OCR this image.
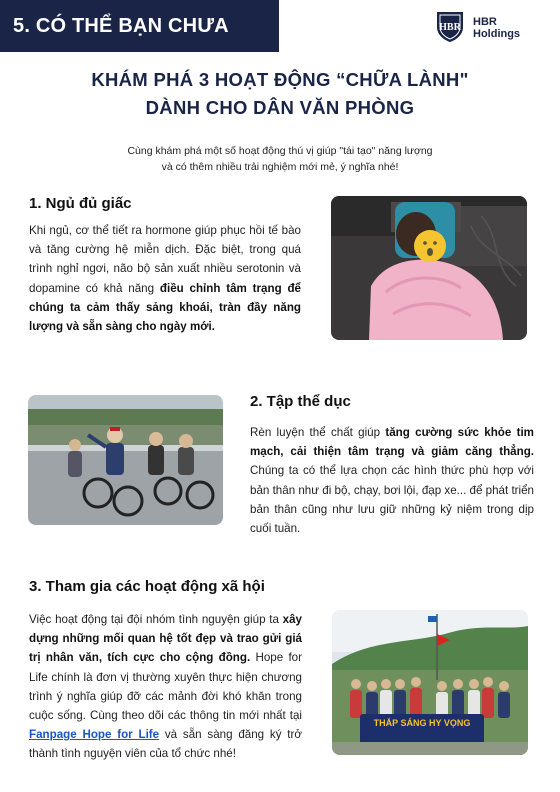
5. CÓ THỂ BẠN CHƯA BIẾT
HBR HBR
Holdings
KHÁM PHÁ 3 HOẠT ĐỘNG “CHỮA LÀNH"
DÀNH CHO DÂN VĂN PHÒNG
Cùng khám phá một số hoạt động thú vị giúp "tái tạo" năng lượng
và có thêm nhiều trải nghiệm mới mẻ, ý nghĩa nhé!
1. Ngủ đủ giấc
Khi ngủ, cơ thể tiết ra hormone giúp phục hồi tế bào và tăng cường hệ miễn dịch. Đặc biệt, trong quá trình nghỉ ngơi, não bộ sản xuất nhiều serotonin và dopamine có khả năng điều chỉnh tâm trạng để chúng ta cảm thấy sảng khoái, tràn đầy năng lượng và sẵn sàng cho ngày mới.
2. Tập thể dục
Rèn luyện thể chất giúp tăng cường sức khỏe tim mạch, cải thiện tâm trạng và giảm căng thẳng. Chúng ta có thể lựa chọn các hình thức phù hợp với bản thân như đi bộ, chạy, bơi lội, đạp xe... để phát triển bản thân cũng như lưu giữ những kỷ niệm trong dịp cuối tuần.
3. Tham gia các hoạt động xã hội
Việc hoạt động tại đội nhóm tình nguyện giúp ta xây dựng những mối quan hệ tốt đẹp và trao gửi giá trị nhân văn, tích cực cho cộng đồng. Hope for Life chính là đơn vị thường xuyên thực hiện chương trình ý nghĩa giúp đỡ các mảnh đời khó khăn trong cuộc sống. Cùng theo dõi các thông tin mới nhất tại Fanpage Hope for Life và sẵn sàng đăng ký trở thành tình nguyện viên của tổ chức nhé!
THẮP SÁNG HY VỌNG
